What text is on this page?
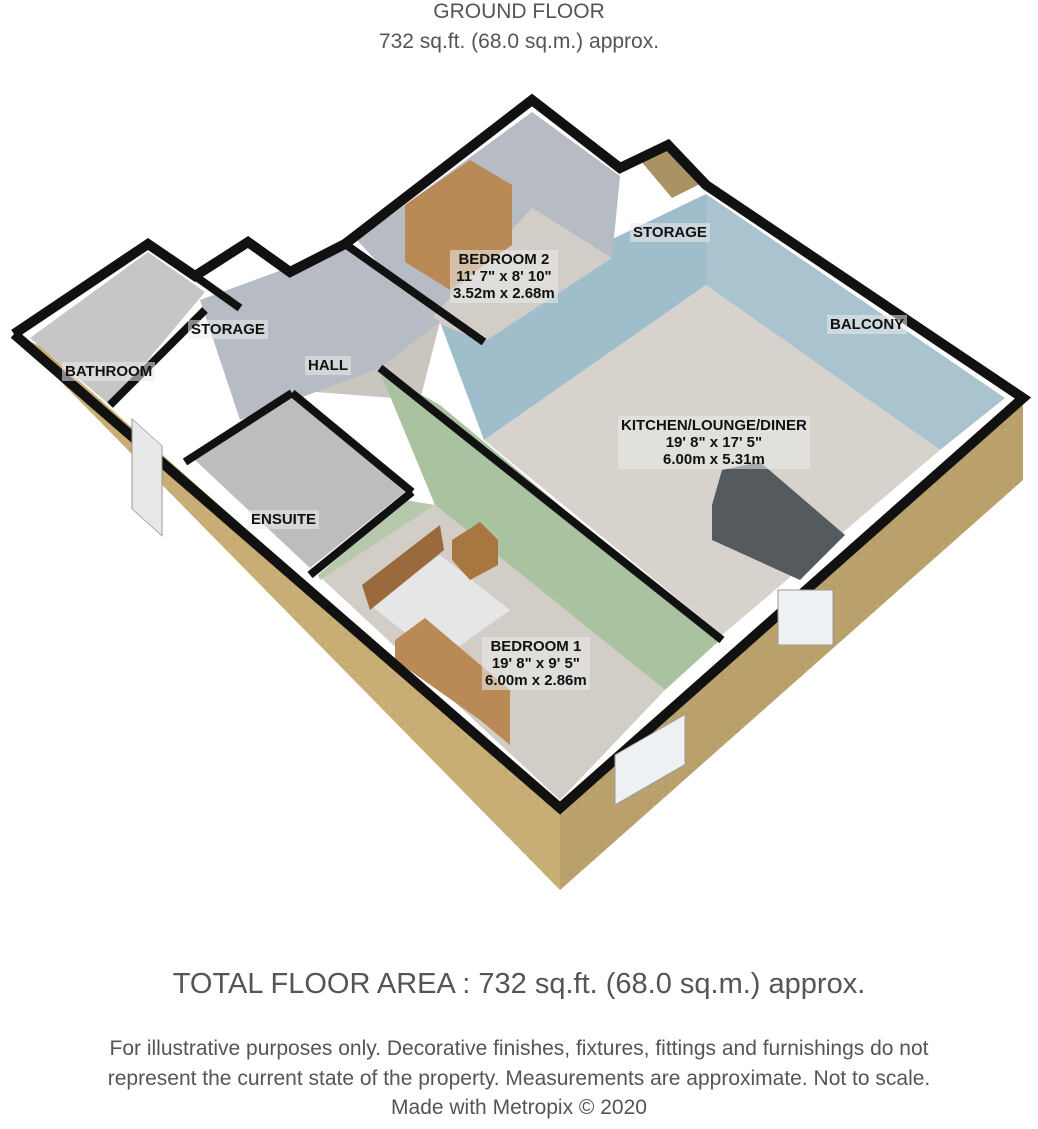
GROUND FLOOR
732 sq.ft. (68.0 sq.m.) approx.
BEDROOM 2
11' 7" x 8' 10"
3.52m x 2.68m
STORAGE
BALCONY
STORAGE
HALL
BATHROOM
KITCHEN/LOUNGE/DINER
19' 8" x 17' 5"
6.00m x 5.31m
ENSUITE
BEDROOM 1
19' 8" x 9' 5"
6.00m x 2.86m
TOTAL FLOOR AREA : 732 sq.ft. (68.0 sq.m.) approx.
For illustrative purposes only. Decorative finishes, fixtures, fittings and furnishings do not
represent the current state of the property. Measurements are approximate. Not to scale.
Made with Metropix © 2020
